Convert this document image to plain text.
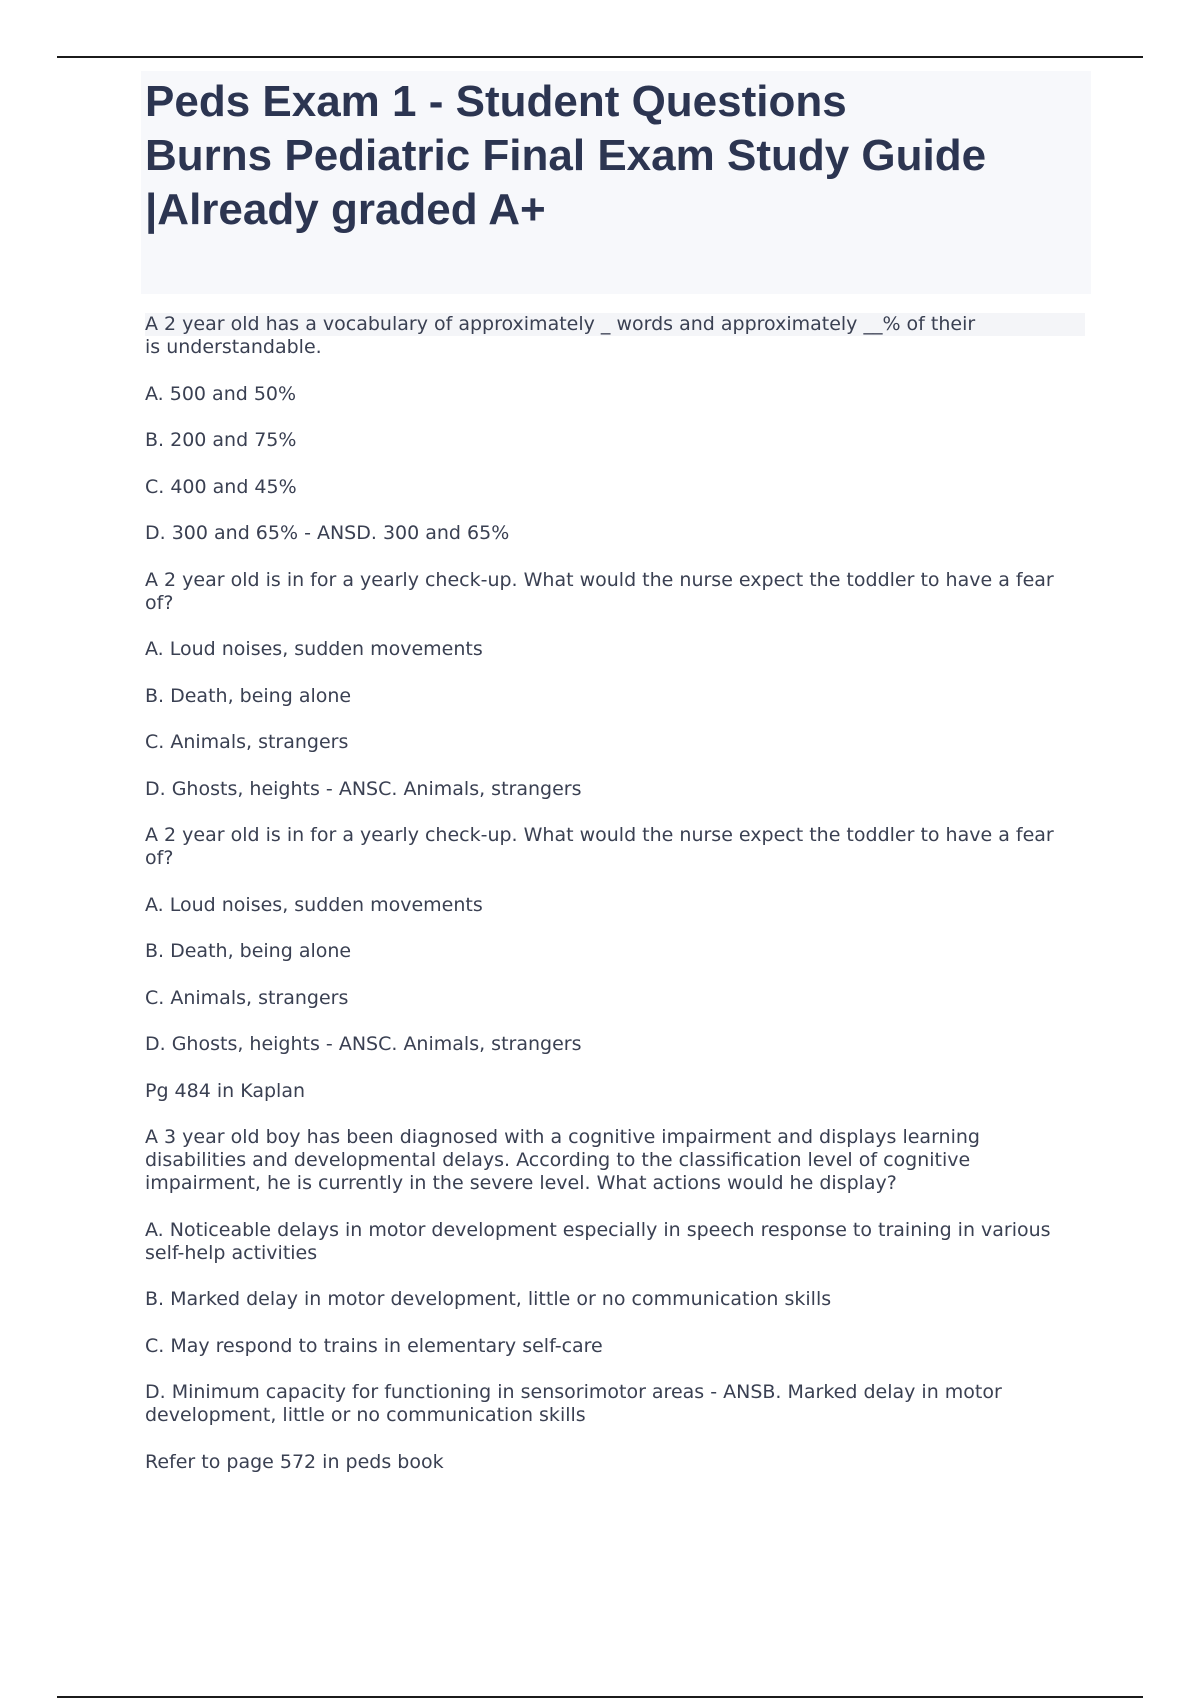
Peds Exam 1 - Student Questions
Burns Pediatric Final Exam Study Guide
|Already graded A+
A 2 year old has a vocabulary of approximately _ words and approximately __% of their
is understandable.

A. 500 and 50%

B. 200 and 75%

C. 400 and 45%

D. 300 and 65% - ANSD. 300 and 65%

A 2 year old is in for a yearly check-up. What would the nurse expect the toddler to have a fear of?

A. Loud noises, sudden movements

B. Death, being alone

C. Animals, strangers

D. Ghosts, heights - ANSC. Animals, strangers

A 2 year old is in for a yearly check-up. What would the nurse expect the toddler to have a fear of?

A. Loud noises, sudden movements

B. Death, being alone

C. Animals, strangers

D. Ghosts, heights - ANSC. Animals, strangers

Pg 484 in Kaplan

A 3 year old boy has been diagnosed with a cognitive impairment and displays learning disabilities and developmental delays. According to the classification level of cognitive impairment, he is currently in the severe level. What actions would he display?

A. Noticeable delays in motor development especially in speech response to training in various self-help activities

B. Marked delay in motor development, little or no communication skills

C. May respond to trains in elementary self-care

D. Minimum capacity for functioning in sensorimotor areas - ANSB. Marked delay in motor development, little or no communication skills

Refer to page 572 in peds book
